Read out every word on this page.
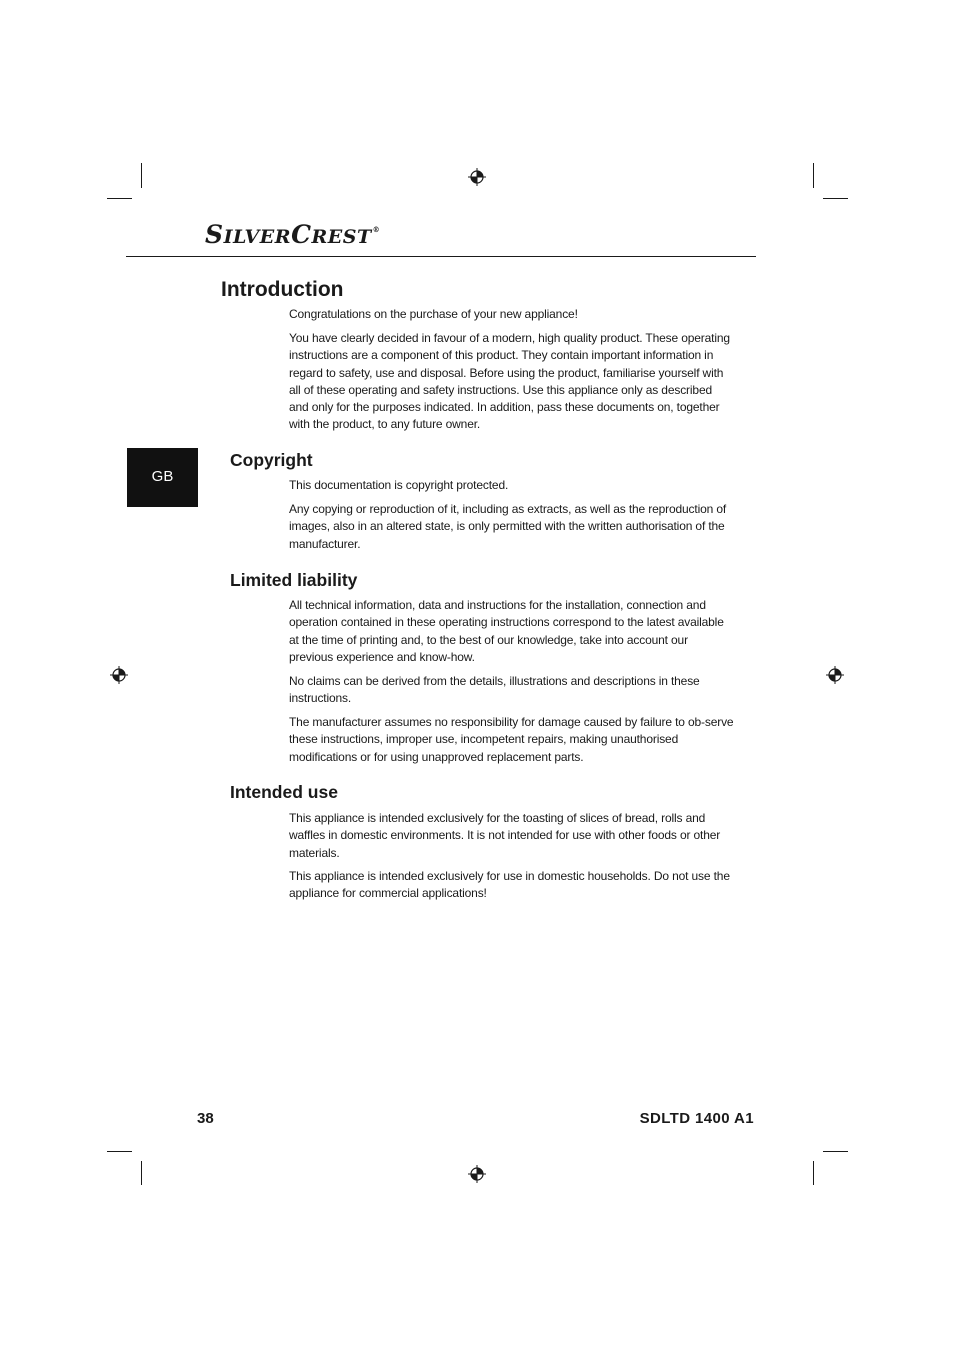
SILVERCREST®
GB
Introduction

Congratulations on the purchase of your new appliance!

You have clearly decided in favour of a modern, high quality product. These operating instructions are a component of this product. They contain important information in regard to safety, use and disposal. Before using the product, familiarise yourself with all of these operating and safety instructions. Use this appliance only as described and only for the purposes indicated. In addition, pass these documents on, together with the product, to any future owner.

Copyright

This documentation is copyright protected.

Any copying or reproduction of it, including as extracts, as well as the reproduction of images, also in an altered state, is only permitted with the written authorisation of the manufacturer.

Limited liability

All technical information, data and instructions for the installation, connection and operation contained in these operating instructions correspond to the latest available at the time of printing and, to the best of our knowledge, take into account our previous experience and know-how.

No claims can be derived from the details, illustrations and descriptions in these instructions.

The manufacturer assumes no responsibility for damage caused by failure to ob-serve these instructions, improper use, incompetent repairs, making unauthorised modifications or for using unapproved replacement parts.

Intended use

This appliance is intended exclusively for the toasting of slices of bread, rolls and waffles in domestic environments. It is not intended for use with other foods or other materials.

This appliance is intended exclusively for use in domestic households. Do not use the appliance for commercial applications!

38	SDLTD 1400 A1
